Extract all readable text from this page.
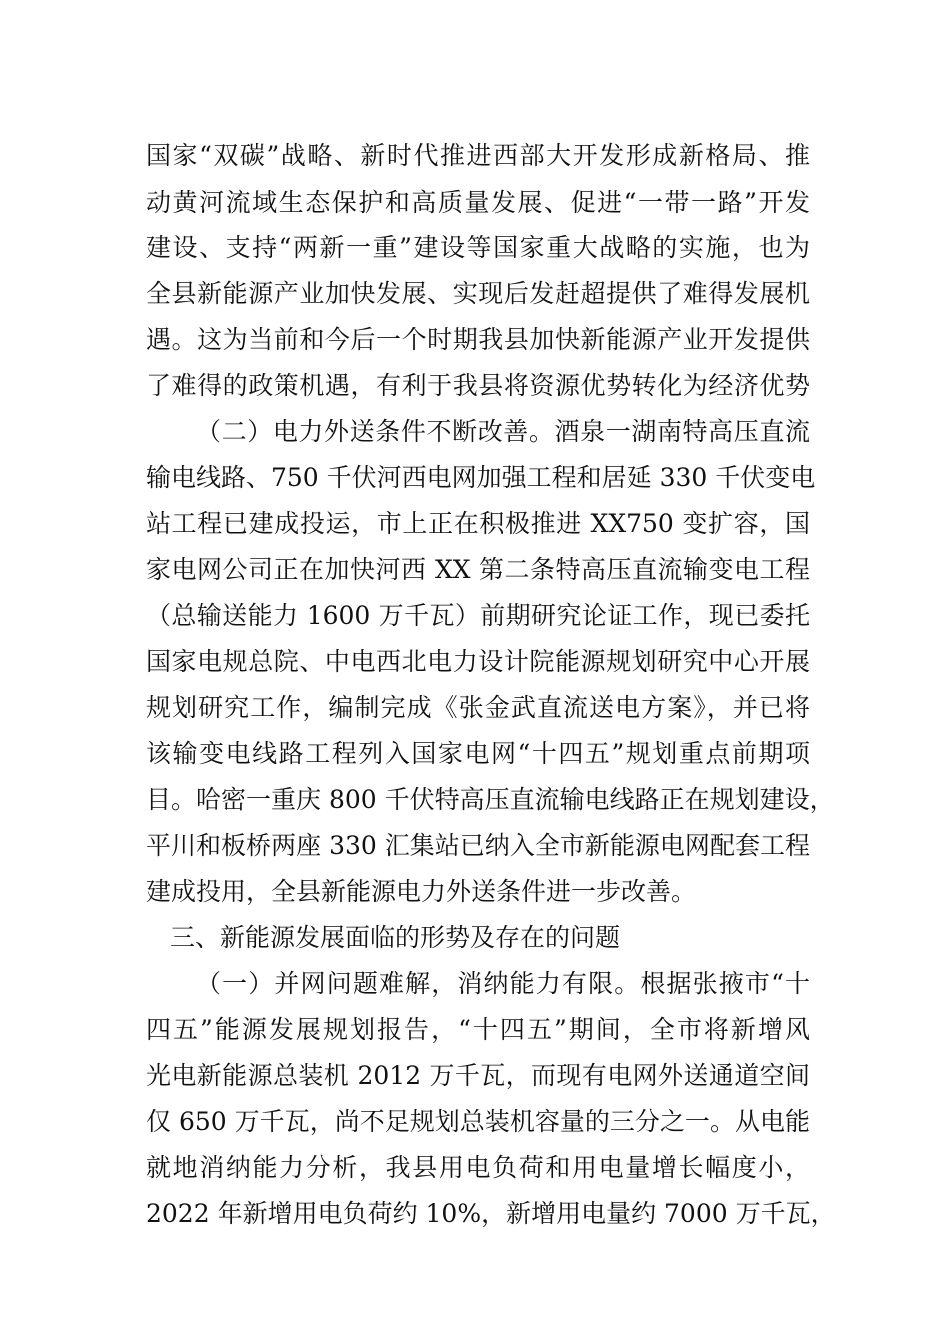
国家“双碳”战略、新时代推进西部大开发形成新格局、推
动黄河流域生态保护和高质量发展、促进“一带一路”开发
建设、支持“两新一重”建设等国家重大战略的实施，也为
全县新能源产业加快发展、实现后发赶超提供了难得发展机
遇。这为当前和今后一个时期我县加快新能源产业开发提供
了难得的政策机遇，有利于我县将资源优势转化为经济优势
（二）电力外送条件不断改善。酒泉一湖南特高压直流
输电线路、750 千伏河西电网加强工程和居延 330 千伏变电
站工程已建成投运，市上正在积极推进 XX750 变扩容，国
家电网公司正在加快河西 XX 第二条特高压直流输变电工程
（总输送能力 1600 万千瓦）前期研究论证工作，现已委托
国家电规总院、中电西北电力设计院能源规划研究中心开展
规划研究工作，编制完成《张金武直流送电方案》，并已将
该输变电线路工程列入国家电网“十四五”规划重点前期项
目。哈密一重庆 800 千伏特高压直流输电线路正在规划建设，
平川和板桥两座 330 汇集站已纳入全市新能源电网配套工程
建成投用，全县新能源电力外送条件进一步改善。
三、新能源发展面临的形势及存在的问题
（一）并网问题难解，消纳能力有限。根据张掖市“十
四五”能源发展规划报告，“十四五”期间，全市将新增风
光电新能源总装机 2012 万千瓦，而现有电网外送通道空间
仅 650 万千瓦，尚不足规划总装机容量的三分之一。从电能
就地消纳能力分析，我县用电负荷和用电量增长幅度小，
2022 年新增用电负荷约 10%，新增用电量约 7000 万千瓦，
